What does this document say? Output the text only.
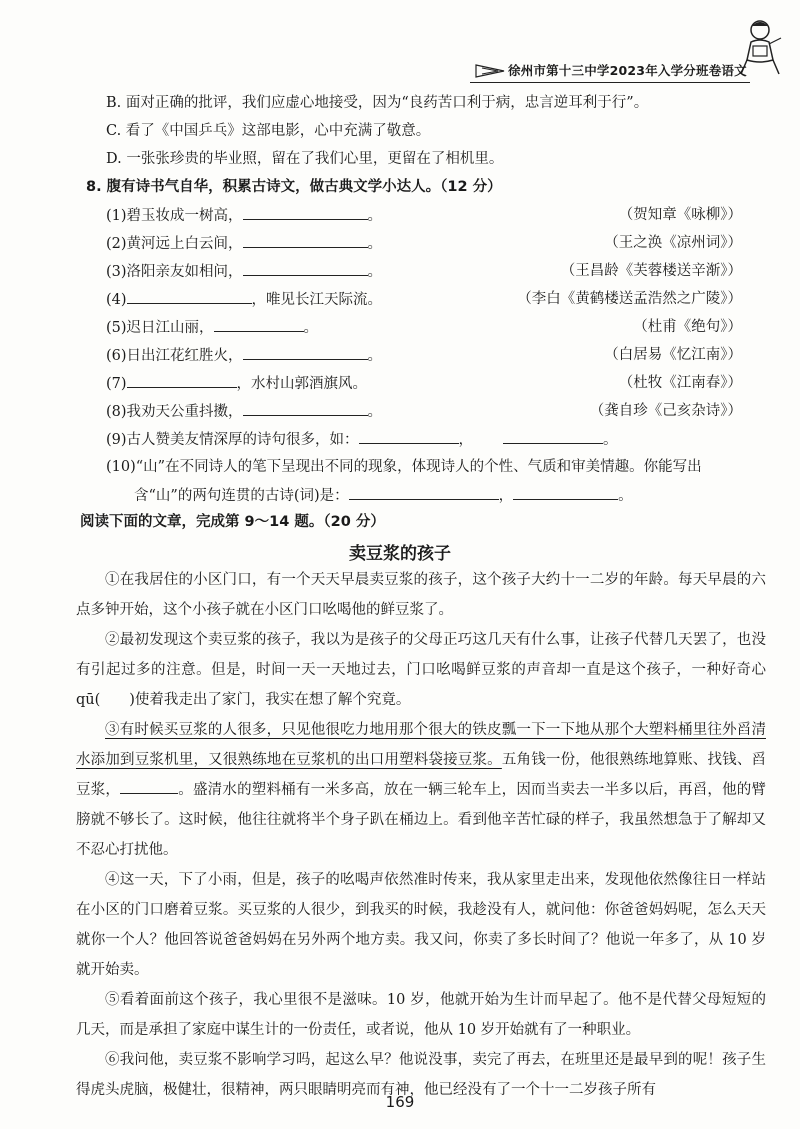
徐州市第十三中学2023年入学分班卷语文
B. 面对正确的批评，我们应虚心地接受，因为“良药苦口利于病，忠言逆耳利于行”。
C. 看了《中国乒乓》这部电影，心中充满了敬意。
D. 一张张珍贵的毕业照，留在了我们心里，更留在了相机里。
8. 腹有诗书气自华，积累古诗文，做古典文学小达人。（12 分）
(1)碧玉妆成一树高，	。	（贺知章《咏柳》）
(2)黄河远上白云间，	。	（王之涣《凉州词》）
(3)洛阳亲友如相问，	。	（王昌龄《芙蓉楼送辛渐》）
(4)	，唯见长江天际流。	（李白《黄鹤楼送孟浩然之广陵》）
(5)迟日江山丽，	。	（杜甫《绝句》）
(6)日出江花红胜火，	。	（白居易《忆江南》）
(7)	，水村山郭酒旗风。	（杜牧《江南春》）
(8)我劝天公重抖擞，	。	（龚自珍《己亥杂诗》）
(9)古人赞美友情深厚的诗句很多，如：	，	。
(10)“山”在不同诗人的笔下呈现出不同的现象，体现诗人的个性、气质和审美情趣。你能写出
含“山”的两句连贯的古诗(词)是：	，	。
阅读下面的文章，完成第 9～14 题。（20 分）
卖豆浆的孩子

①在我居住的小区门口，有一个天天早晨卖豆浆的孩子，这个孩子大约十一二岁的年龄。每天早晨的六点多钟开始，这个小孩子就在小区门口吆喝他的鲜豆浆了。

②最初发现这个卖豆浆的孩子，我以为是孩子的父母正巧这几天有什么事，让孩子代替几天罢了，也没有引起过多的注意。但是，时间一天一天地过去，门口吆喝鲜豆浆的声音却一直是这个孩子，一种好奇心 qū(　　)使着我走出了家门，我实在想了解个究竟。

③有时候买豆浆的人很多，只见他很吃力地用那个很大的铁皮瓢一下一下地从那个大塑料桶里往外舀清水添加到豆浆机里，又很熟练地在豆浆机的出口用塑料袋接豆浆。五角钱一份，他很熟练地算账、找钱、舀豆浆，	。盛清水的塑料桶有一米多高，放在一辆三轮车上，因而当卖去一半多以后，再舀，他的臂膀就不够长了。这时候，他往往就将半个身子趴在桶边上。看到他辛苦忙碌的样子，我虽然想急于了解却又不忍心打扰他。

④这一天，下了小雨，但是，孩子的吆喝声依然准时传来，我从家里走出来，发现他依然像往日一样站在小区的门口磨着豆浆。买豆浆的人很少，到我买的时候，我趁没有人，就问他：你爸爸妈妈呢，怎么天天就你一个人？他回答说爸爸妈妈在另外两个地方卖。我又问，你卖了多长时间了？他说一年多了，从 10 岁就开始卖。

⑤看着面前这个孩子，我心里很不是滋味。10 岁，他就开始为生计而早起了。他不是代替父母短短的几天，而是承担了家庭中谋生计的一份责任，或者说，他从 10 岁开始就有了一种职业。

⑥我问他，卖豆浆不影响学习吗，起这么早？他说没事，卖完了再去，在班里还是最早到的呢！孩子生得虎头虎脑，极健壮，很精神，两只眼睛明亮而有神，他已经没有了一个十一二岁孩子所有

169
